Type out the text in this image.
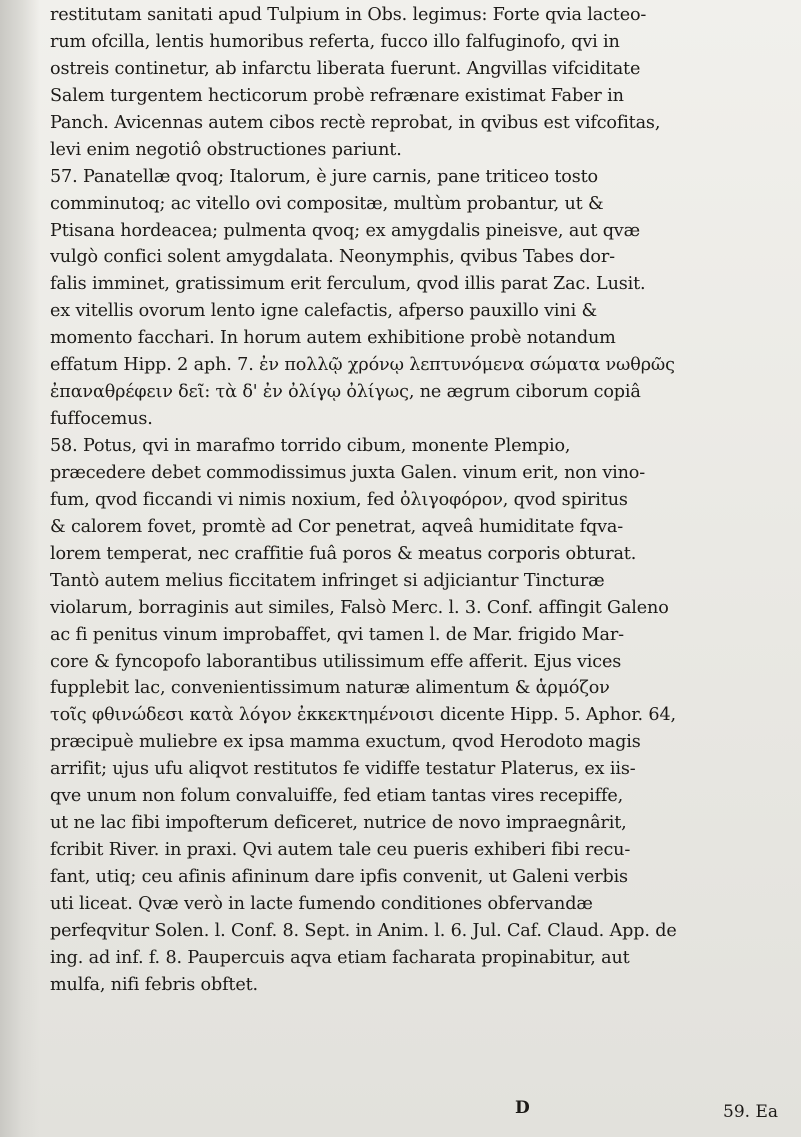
restitutam sanitati apud Tulpium in Obs. legimus: Forte qvia lacteo-
rum ofcilla, lentis humoribus referta, fucco illo falfuginofo, qvi in
ostreis continetur, ab infarctu liberata fuerunt. Angvillas vifciditate
Salem turgentem hecticorum probè refrænare existimat Faber in
Panch. Avicennas autem cibos rectè reprobat, in qvibus est vifcofitas,
levi enim negotiô obstructiones pariunt.
57. Panatellæ qvoq; Italorum, è jure carnis, pane triticeo tosto
comminutoq; ac vitello ovi compositæ, multùm probantur, ut &
Ptisana hordeacea; pulmenta qvoq; ex amygdalis pineisve, aut qvæ
vulgò confici solent amygdalata. Neonymphis, qvibus Tabes dor-
falis imminet, gratissimum erit ferculum, qvod illis parat Zac. Lusit.
ex vitellis ovorum lento igne calefactis, afperso pauxillo vini &
momento facchari. In horum autem exhibitione probè notandum
effatum Hipp. 2 aph. 7. ἐν πολλῷ χρόνῳ λεπτυνόμενα σώματα νωθρῶς
ἐπαναθρέφειν δεῖ: τὰ δ' ἐν ὀλίγῳ ὀλίγως, ne ægrum ciborum copiâ
fuffocemus.
58. Potus, qvi in marafmo torrido cibum, monente Plempio,
præcedere debet commodissimus juxta Galen. vinum erit, non vino-
fum, qvod ficcandi vi nimis noxium, fed ὀλιγοφόρον, qvod spiritus
& calorem fovet, promtè ad Cor penetrat, aqveâ humiditate fqva-
lorem temperat, nec craffitie fuâ poros & meatus corporis obturat.
Tantò autem melius ficcitatem infringet si adjiciantur Tincturæ
violarum, borraginis aut similes, Falsò Merc. l. 3. Conf. affingit Galeno
ac fi penitus vinum improbaffet, qvi tamen l. de Mar. frigido Mar-
core & fyncopofo laborantibus utilissimum effe afferit. Ejus vices
fupplebit lac, convenientissimum naturæ alimentum & ἁρμόζον
τοῖς φθινώδεσι κατὰ λόγον ἐκκεκτημένοισι dicente Hipp. 5. Aphor. 64,
præcipuè muliebre ex ipsa mamma exuctum, qvod Herodoto magis
arrifit; ujus ufu aliqvot restitutos fe vidiffe testatur Platerus, ex iis-
qve unum non folum convaluiffe, fed etiam tantas vires recepiffe,
ut ne lac fibi impofterum deficeret, nutrice de novo impraegnârit,
fcribit River. in praxi. Qvi autem tale ceu pueris exhiberi fibi recu-
fant, utiq; ceu afinis afininum dare ipfis convenit, ut Galeni verbis
uti liceat. Qvæ verò in lacte fumendo conditiones obfervandæ
perfeqvitur Solen. l. Conf. 8. Sept. in Anim. l. 6. Jul. Caf. Claud. App. de
ing. ad inf. f. 8. Paupercuis aqva etiam facharata propinabitur, aut
mulfa, nifi febris obftet.
D	59. Ea
